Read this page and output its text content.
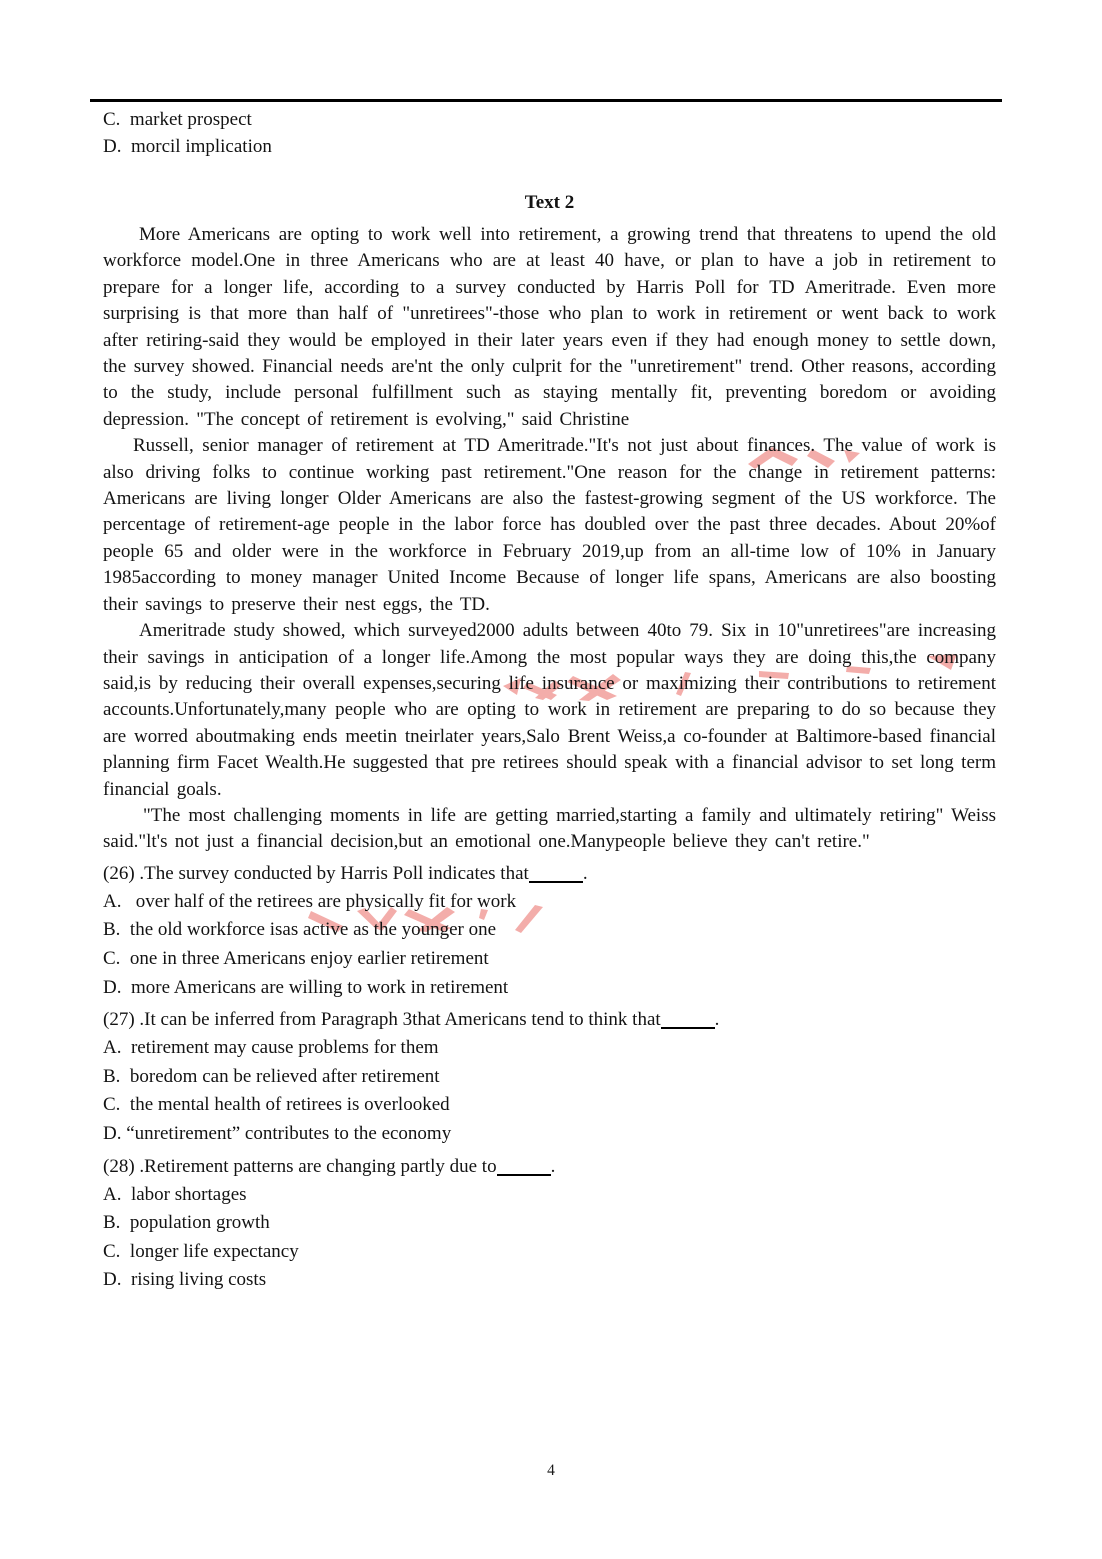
C.  market prospect
D.  morcil implication
Text 2

More Americans are opting to work well into retirement, a growing trend that threatens to upend the old workforce model.One in three Americans who are at least 40 have, or plan to have a job in retirement to prepare for a longer life, according to a survey conducted by Harris Poll for TD Ameritrade. Even more surprising is that more than half of "unretirees"-those who plan to work in retirement or went back to work after retiring-said they would be employed in their later years even if they had enough money to settle down, the survey showed. Financial needs are'nt the only culprit for the "unretirement" trend. Other reasons, according to the study, include personal fulfillment such as staying mentally fit, preventing boredom or avoiding depression. "The concept of retirement is evolving," said Christine

Russell, senior manager of retirement at TD Ameritrade."It's not just about finances. The value of work is also driving folks to continue working past retirement."One reason for the change in retirement patterns: Americans are living longer Older Americans are also the fastest-growing segment of the US workforce. The percentage of retirement-age people in the labor force has doubled over the past three decades. About 20%of people 65 and older were in the workforce in February 2019,up from an all-time low of 10% in January 1985according to money manager United Income Because of longer life spans, Americans are also boosting their savings to preserve their nest eggs, the TD.

Ameritrade study showed, which surveyed2000 adults between 40to 79. Six in 10"unretirees"are increasing their savings in anticipation of a longer life.Among the most popular ways they are doing this,the company said,is by reducing their overall expenses,securing life insurance or maximizing their contributions to retirement accounts.Unfortunately,many people who are opting to work in retirement are preparing to do so because they are worred aboutmaking ends meetin tneirlater years,Salo Brent Weiss,a co-founder at Baltimore-based financial planning firm Facet Wealth.He suggested that pre retirees should speak with a financial advisor to set long term financial goals.

"The most challenging moments in life are getting married,starting a family and ultimately retiring" Weiss said."lt's not just a financial decision,but an emotional one.Manypeople believe they can't retire."

(26) .The survey conducted by Harris Poll indicates that	.
A.   over half of the retirees are physically fit for work
B.  the old workforce isas active as the younger one
C.  one in three Americans enjoy earlier retirement
D.  more Americans are willing to work in retirement
(27) .It can be inferred from Paragraph 3that Americans tend to think that	.
A.  retirement may cause problems for them
B.  boredom can be relieved after retirement
C.  the mental health of retirees is overlooked
D. “unretirement” contributes to the economy
(28) .Retirement patterns are changing partly due to	.
A.  labor shortages
B.  population growth
C.  longer life expectancy
D.  rising living costs
4
